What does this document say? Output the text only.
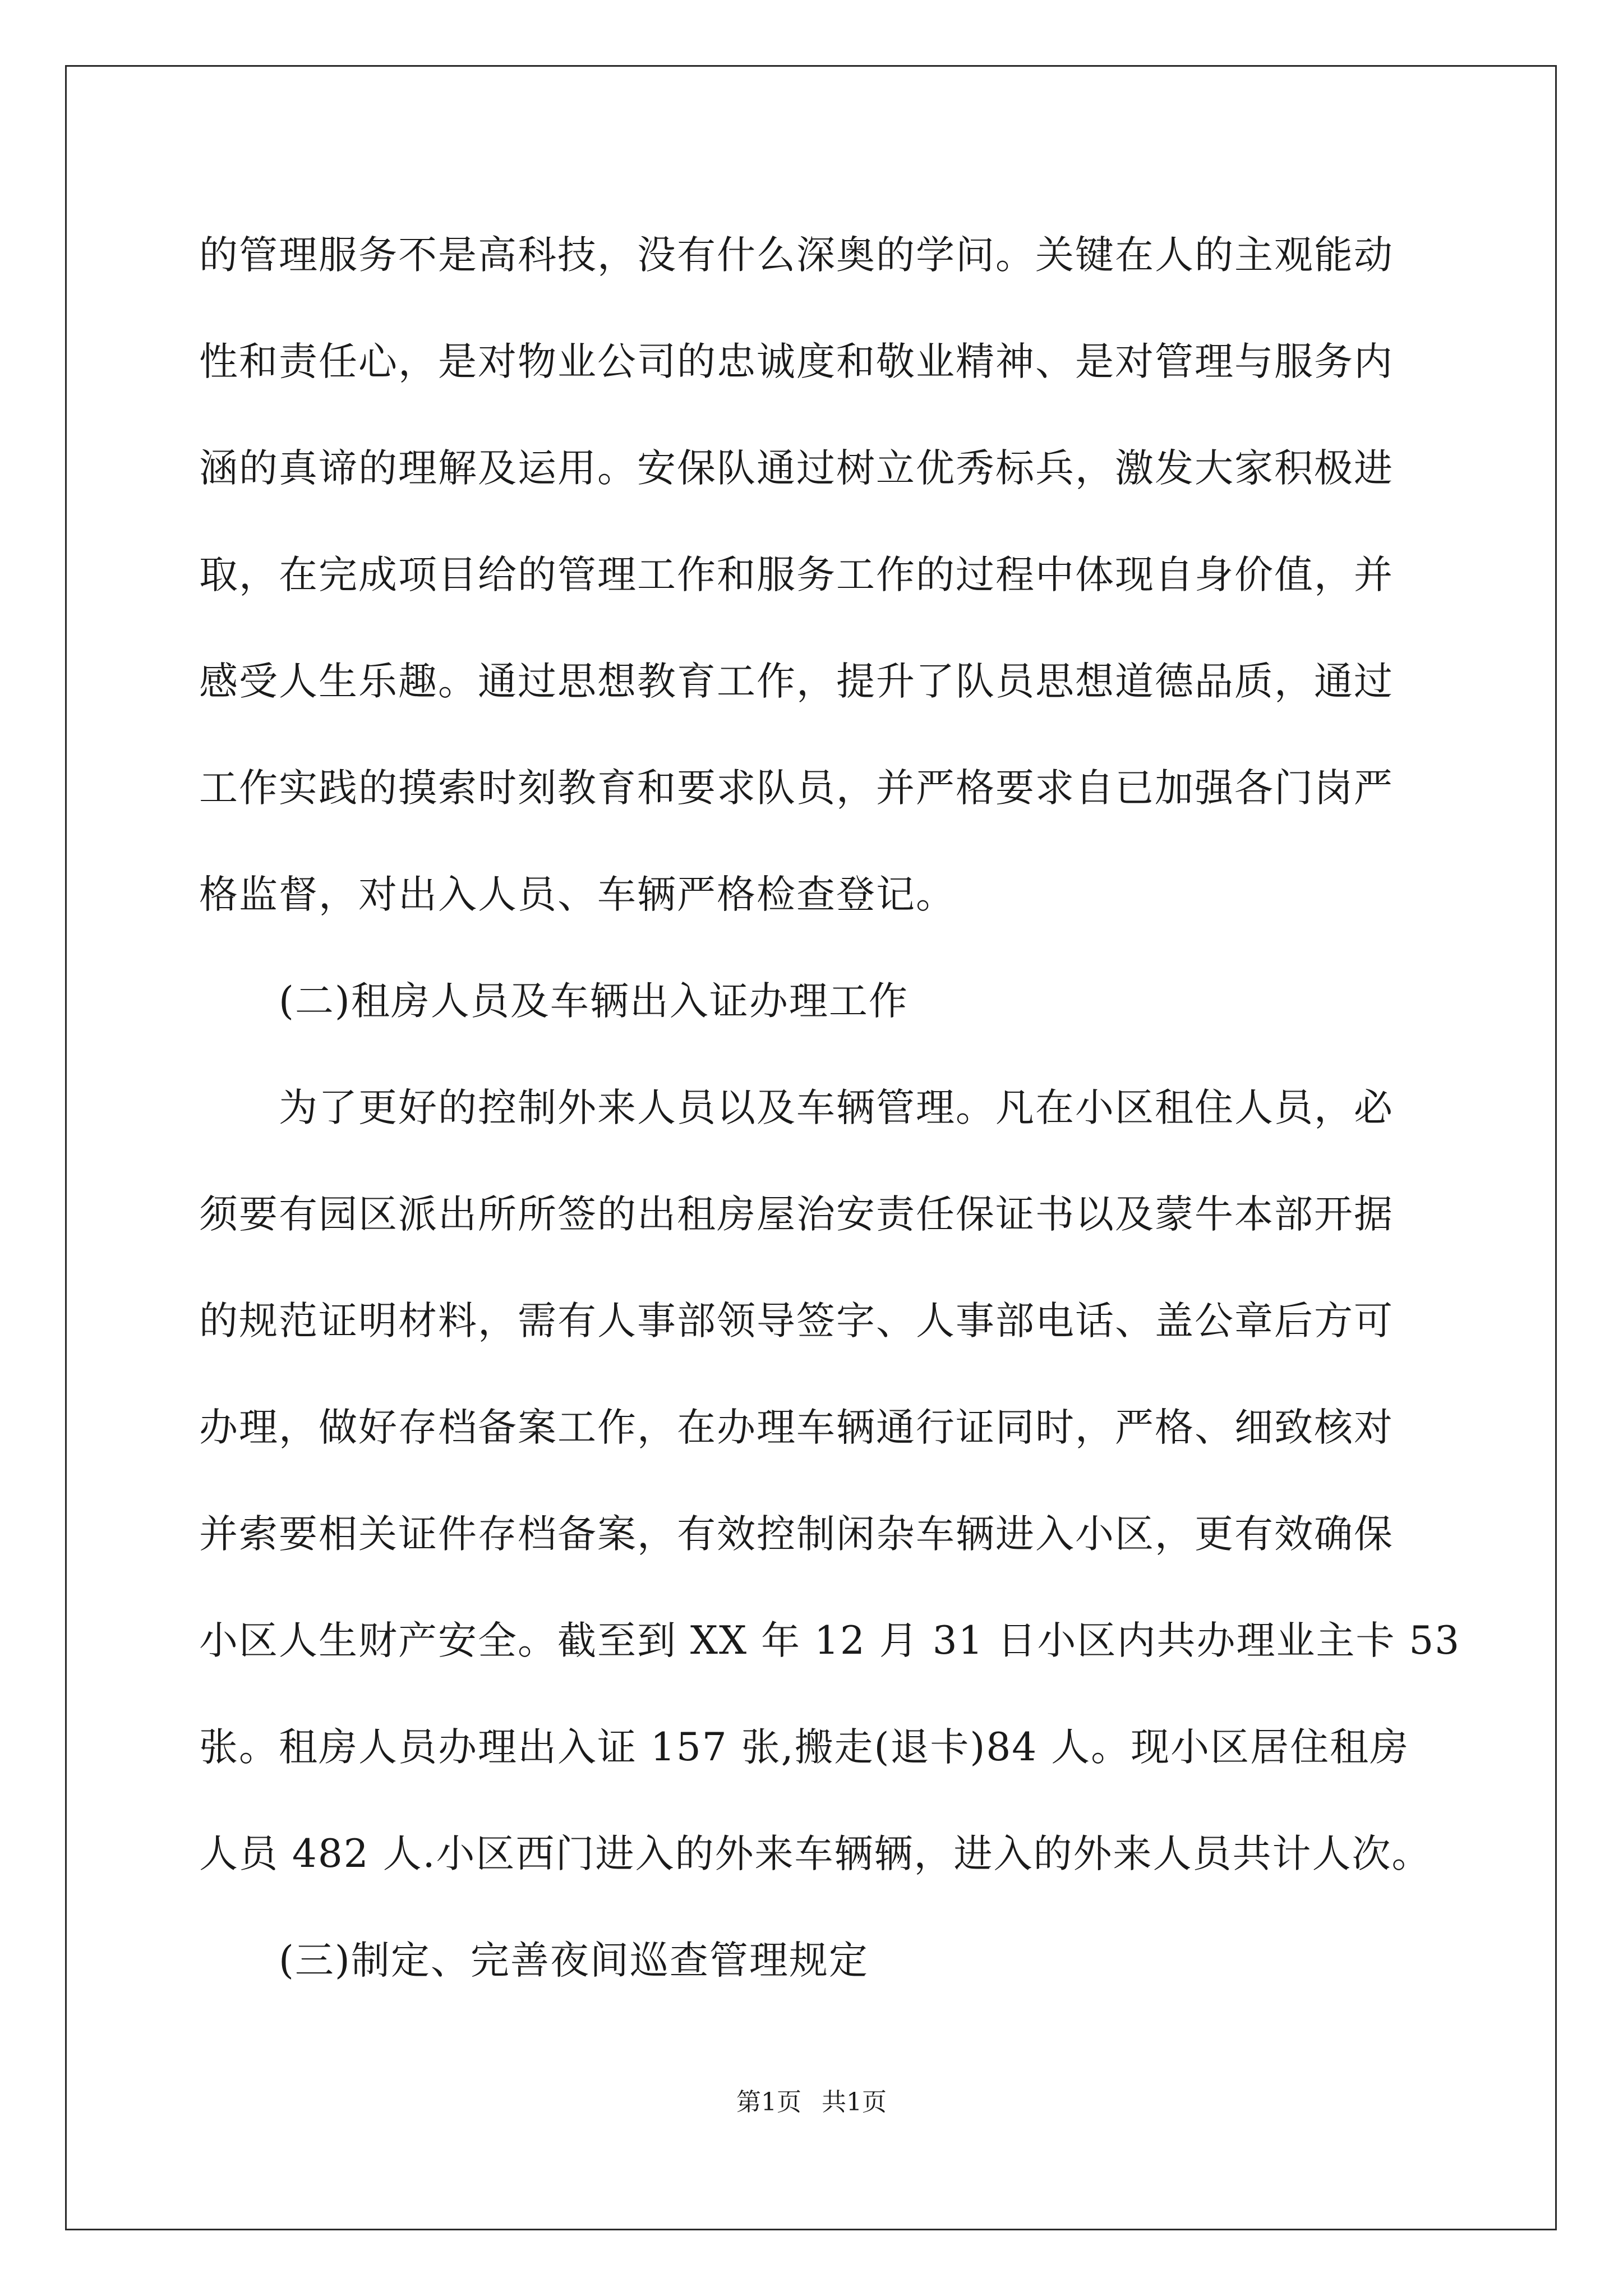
的管理服务不是高科技，没有什么深奥的学问。关键在人的主观能动
性和责任心，是对物业公司的忠诚度和敬业精神、是对管理与服务内
涵的真谛的理解及运用。安保队通过树立优秀标兵，激发大家积极进
取，在完成项目给的管理工作和服务工作的过程中体现自身价值，并
感受人生乐趣。通过思想教育工作，提升了队员思想道德品质，通过
工作实践的摸索时刻教育和要求队员，并严格要求自已加强各门岗严
格监督，对出入人员、车辆严格检查登记。
(二)租房人员及车辆出入证办理工作
为了更好的控制外来人员以及车辆管理。凡在小区租住人员，必
须要有园区派出所所签的出租房屋治安责任保证书以及蒙牛本部开据
的规范证明材料，需有人事部领导签字、人事部电话、盖公章后方可
办理，做好存档备案工作，在办理车辆通行证同时，严格、细致核对
并索要相关证件存档备案，有效控制闲杂车辆进入小区，更有效确保
小区人生财产安全。截至到 XX 年 12 月 31 日小区内共办理业主卡 53
张。租房人员办理出入证 157 张,搬走(退卡)84 人。现小区居住租房
人员 482 人.小区西门进入的外来车辆辆，进入的外来人员共计人次。
(三)制定、完善夜间巡查管理规定
第1页 共1页
